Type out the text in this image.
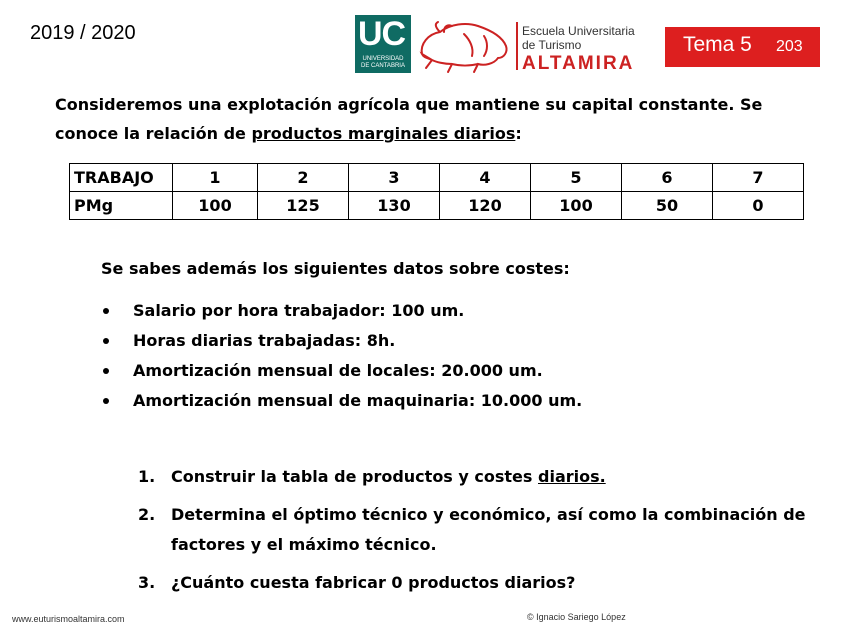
2019 / 2020	UC
UNIVERSIDAD DE CANTABRIA
Escuela Universitaria
de Turismo
ALTAMIRA
Tema 5 203
Consideremos una explotación agrícola que mantiene su capital constante. Se conoce la relación de productos marginales diarios:
TRABAJO	1	2	3	4	5	6	7
PMg	100	125	130	120	100	50	0
Se sabes además los siguientes datos sobre costes:
Salario por hora trabajador: 100 um.
Horas diarias trabajadas: 8h.
Amortización mensual de locales: 20.000 um.
Amortización mensual de maquinaria: 10.000 um.
1. Construir la tabla de productos y costes diarios.
2. Determina el óptimo técnico y económico, así como la combinación de factores y el máximo técnico.
3. ¿Cuánto cuesta fabricar 0 productos diarios?
www.euturismoaltamira.com	© Ignacio Sariego López
